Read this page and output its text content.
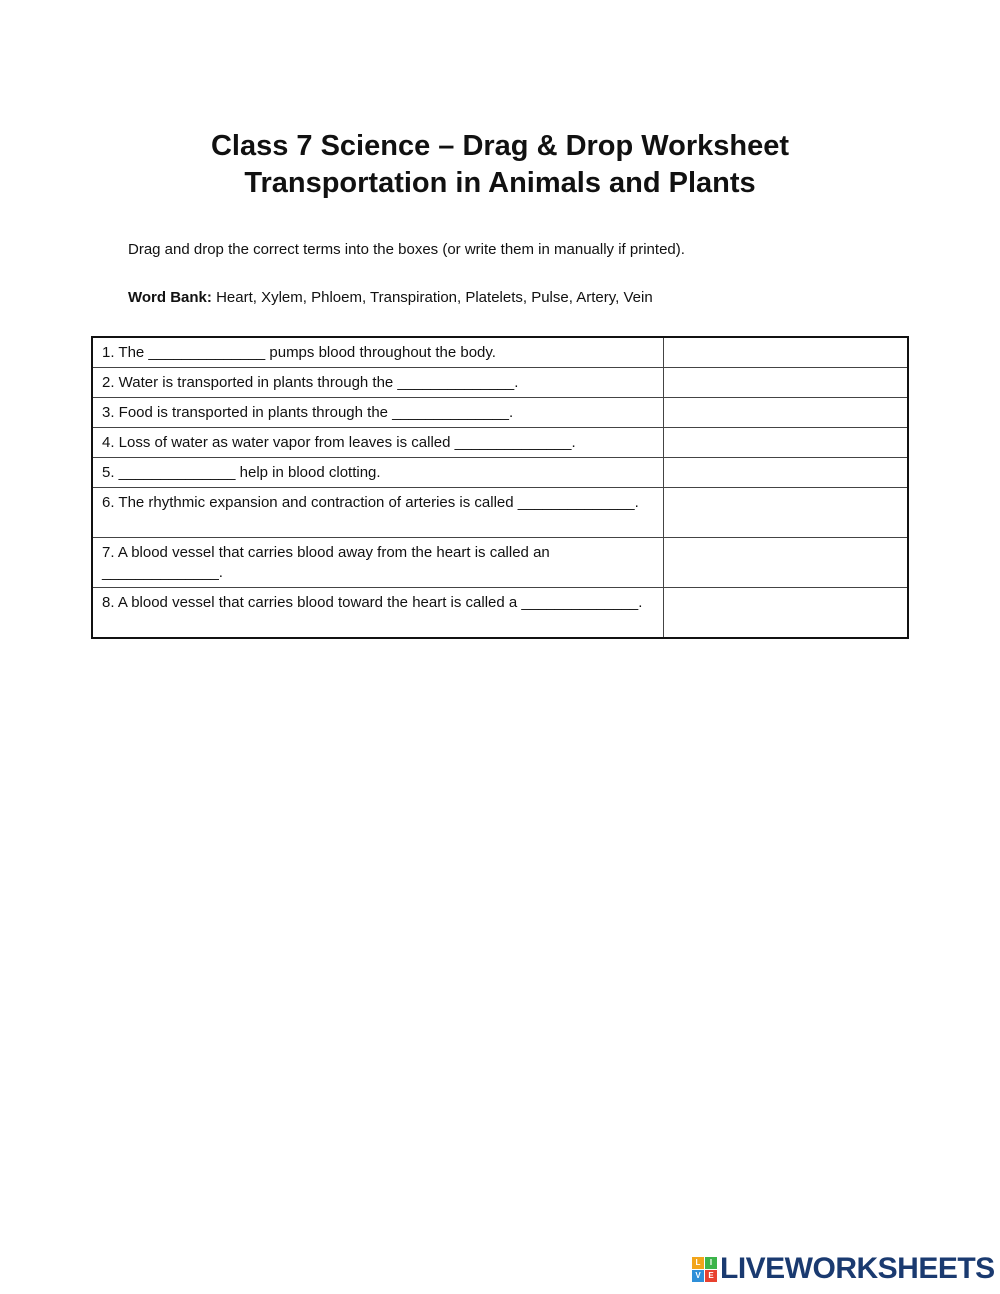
Class 7 Science – Drag & Drop Worksheet
Transportation in Animals and Plants
Drag and drop the correct terms into the boxes (or write them in manually if printed).
Word Bank: Heart, Xylem, Phloem, Transpiration, Platelets, Pulse, Artery, Vein
1. The ______________ pumps blood throughout the body.	

2. Water is transported in plants through the ______________.	

3. Food is transported in plants through the ______________.	

4. Loss of water as water vapor from leaves is called ______________.	

5. ______________ help in blood clotting.	

6. The rhythmic expansion and contraction of arteries is called ______________.	

7. A blood vessel that carries blood away from the heart is called an ______________.	

8. A blood vessel that carries blood toward the heart is called a ______________.	
L	I
V E LIVEWORKSHEETS
